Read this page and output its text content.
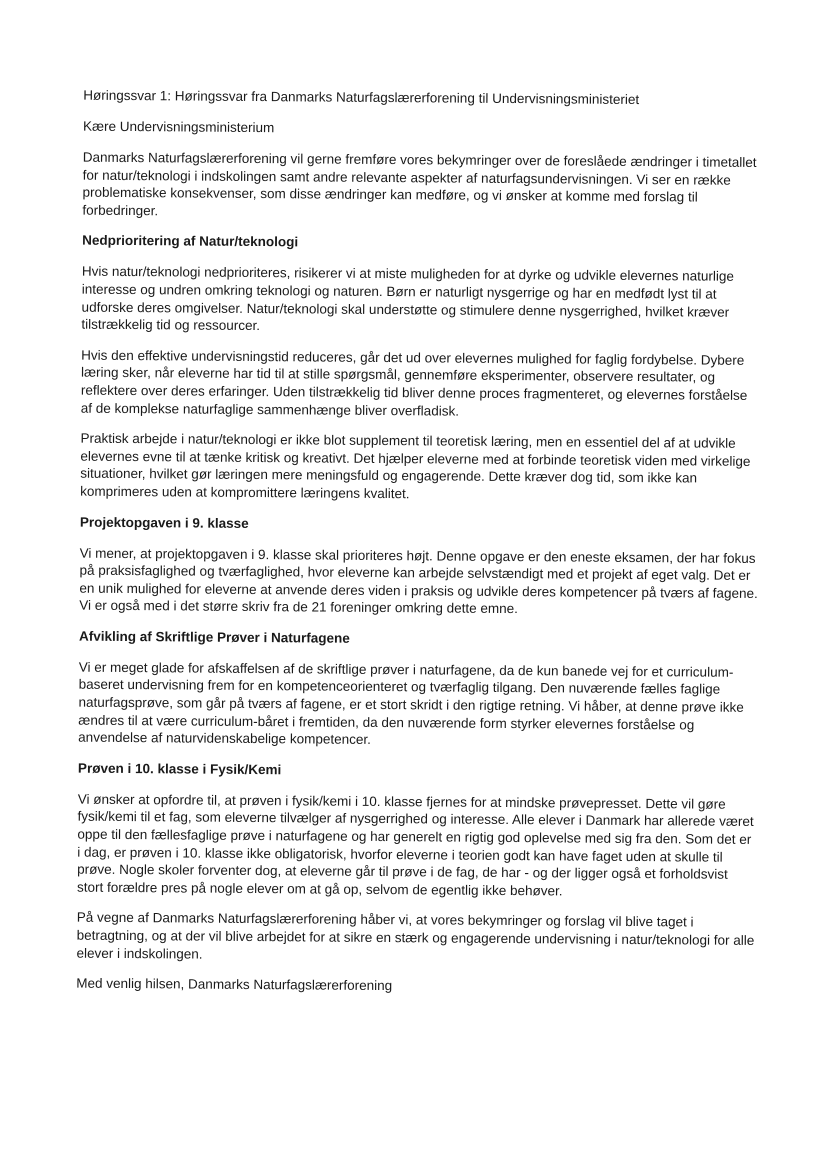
Høringssvar 1: Høringssvar fra Danmarks Naturfagslærerforening til Undervisningsministeriet

Kære Undervisningsministerium

Danmarks Naturfagslærerforening vil gerne fremføre vores bekymringer over de foreslåede ændringer i timetallet for natur/teknologi i indskolingen samt andre relevante aspekter af naturfagsundervisningen. Vi ser en række problematiske konsekvenser, som disse ændringer kan medføre, og vi ønsker at komme med forslag til forbedringer.

Nedprioritering af Natur/teknologi

Hvis natur/teknologi nedprioriteres, risikerer vi at miste muligheden for at dyrke og udvikle elevernes naturlige interesse og undren omkring teknologi og naturen. Børn er naturligt nysgerrige og har en medfødt lyst til at udforske deres omgivelser. Natur/teknologi skal understøtte og stimulere denne nysgerrighed, hvilket kræver tilstrækkelig tid og ressourcer.

Hvis den effektive undervisningstid reduceres, går det ud over elevernes mulighed for faglig fordybelse. Dybere læring sker, når eleverne har tid til at stille spørgsmål, gennemføre eksperimenter, observere resultater, og reflektere over deres erfaringer. Uden tilstrækkelig tid bliver denne proces fragmenteret, og elevernes forståelse af de komplekse naturfaglige sammenhænge bliver overfladisk.

Praktisk arbejde i natur/teknologi er ikke blot supplement til teoretisk læring, men en essentiel del af at udvikle elevernes evne til at tænke kritisk og kreativt. Det hjælper eleverne med at forbinde teoretisk viden med virkelige situationer, hvilket gør læringen mere meningsfuld og engagerende. Dette kræver dog tid, som ikke kan komprimeres uden at kompromittere læringens kvalitet.

Projektopgaven i 9. klasse

Vi mener, at projektopgaven i 9. klasse skal prioriteres højt. Denne opgave er den eneste eksamen, der har fokus på praksisfaglighed og tværfaglighed, hvor eleverne kan arbejde selvstændigt med et projekt af eget valg. Det er en unik mulighed for eleverne at anvende deres viden i praksis og udvikle deres kompetencer på tværs af fagene. Vi er også med i det større skriv fra de 21 foreninger omkring dette emne.

Afvikling af Skriftlige Prøver i Naturfagene

Vi er meget glade for afskaffelsen af de skriftlige prøver i naturfagene, da de kun banede vej for et curriculum-baseret undervisning frem for en kompetenceorienteret og tværfaglig tilgang. Den nuværende fælles faglige naturfagsprøve, som går på tværs af fagene, er et stort skridt i den rigtige retning. Vi håber, at denne prøve ikke ændres til at være curriculum-båret i fremtiden, da den nuværende form styrker elevernes forståelse og anvendelse af naturvidenskabelige kompetencer.

Prøven i 10. klasse i Fysik/Kemi

Vi ønsker at opfordre til, at prøven i fysik/kemi i 10. klasse fjernes for at mindske prøvepresset. Dette vil gøre fysik/kemi til et fag, som eleverne tilvælger af nysgerrighed og interesse. Alle elever i Danmark har allerede været oppe til den fællesfaglige prøve i naturfagene og har generelt en rigtig god oplevelse med sig fra den. Som det er i dag, er prøven i 10. klasse ikke obligatorisk, hvorfor eleverne i teorien godt kan have faget uden at skulle til prøve. Nogle skoler forventer dog, at eleverne går til prøve i de fag, de har - og der ligger også et forholdsvist stort forældre pres på nogle elever om at gå op, selvom de egentlig ikke behøver.

På vegne af Danmarks Naturfagslærerforening håber vi, at vores bekymringer og forslag vil blive taget i betragtning, og at der vil blive arbejdet for at sikre en stærk og engagerende undervisning i natur/teknologi for alle elever i indskolingen.

Med venlig hilsen, Danmarks Naturfagslærerforening
